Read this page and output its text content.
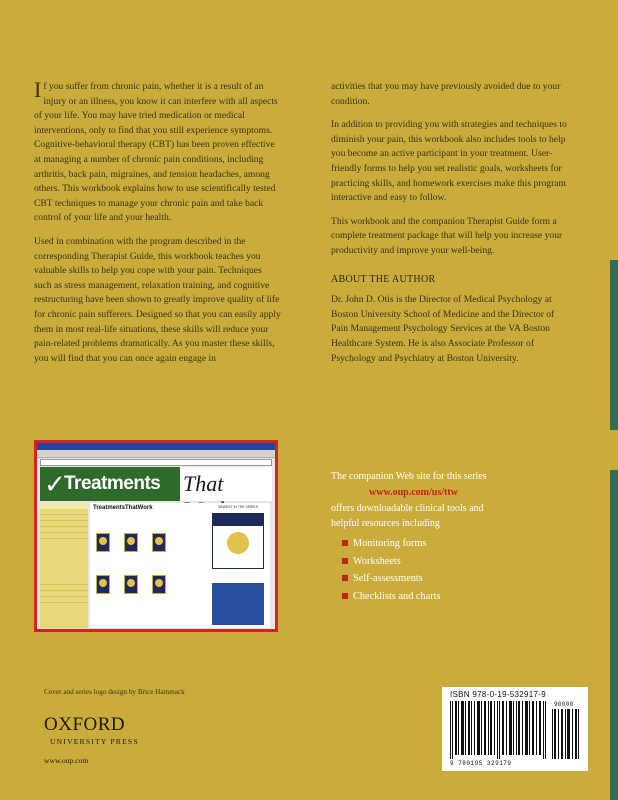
If you suffer from chronic pain, whether it is a result of an injury or an illness, you know it can interfere with all aspects of your life. You may have tried medication or medical interventions, only to find that you still experience symptoms. Cognitive-behavioral therapy (CBT) has been proven effective at managing a number of chronic pain conditions, including arthritis, back pain, migraines, and tension headaches, among others. This workbook explains how to use scientifically tested CBT techniques to manage your chronic pain and take back control of your life and your health.

Used in combination with the program described in the corresponding Therapist Guide, this workbook teaches you valuable skills to help you cope with your pain. Techniques such as stress management, relaxation training, and cognitive restructuring have been shown to greatly improve quality of life for chronic pain sufferers. Designed so that you can easily apply them in most real-life situations, these skills will reduce your pain-related problems dramatically. As you master these skills, you will find that you can once again engage in

activities that you may have previously avoided due to your condition.

In addition to providing you with strategies and techniques to diminish your pain, this workbook also includes tools to help you become an active participant in your treatment. User-friendly forms to help you set realistic goals, worksheets for practicing skills, and homework exercises make this program interactive and easy to follow.

This workbook and the companion Therapist Guide form a complete treatment package that will help you increase your productivity and improve your well-being.

ABOUT THE AUTHOR

Dr. John D. Otis is the Director of Medical Psychology at Boston University School of Medicine and the Director of Pain Management Psychology Services at the VA Boston Healthcare System. He is also Associate Professor of Psychology and Psychiatry at Boston University.

✓
Treatments That
TreatmentsThatWork	NEWEST IN THE SERIES

The companion Web site for this series

www.oup.com/us/ttw

offers downloadable clinical tools and

helpful resources including

Monitoring forms
Worksheets
Self-assessments
Checklists and charts
Cover and series logo design by Brice Hammack
OXFORD
UNIVERSITY PRESS
www.oup.com
ISBN 978-0-19-532917-9
90000
9 780195 329179
